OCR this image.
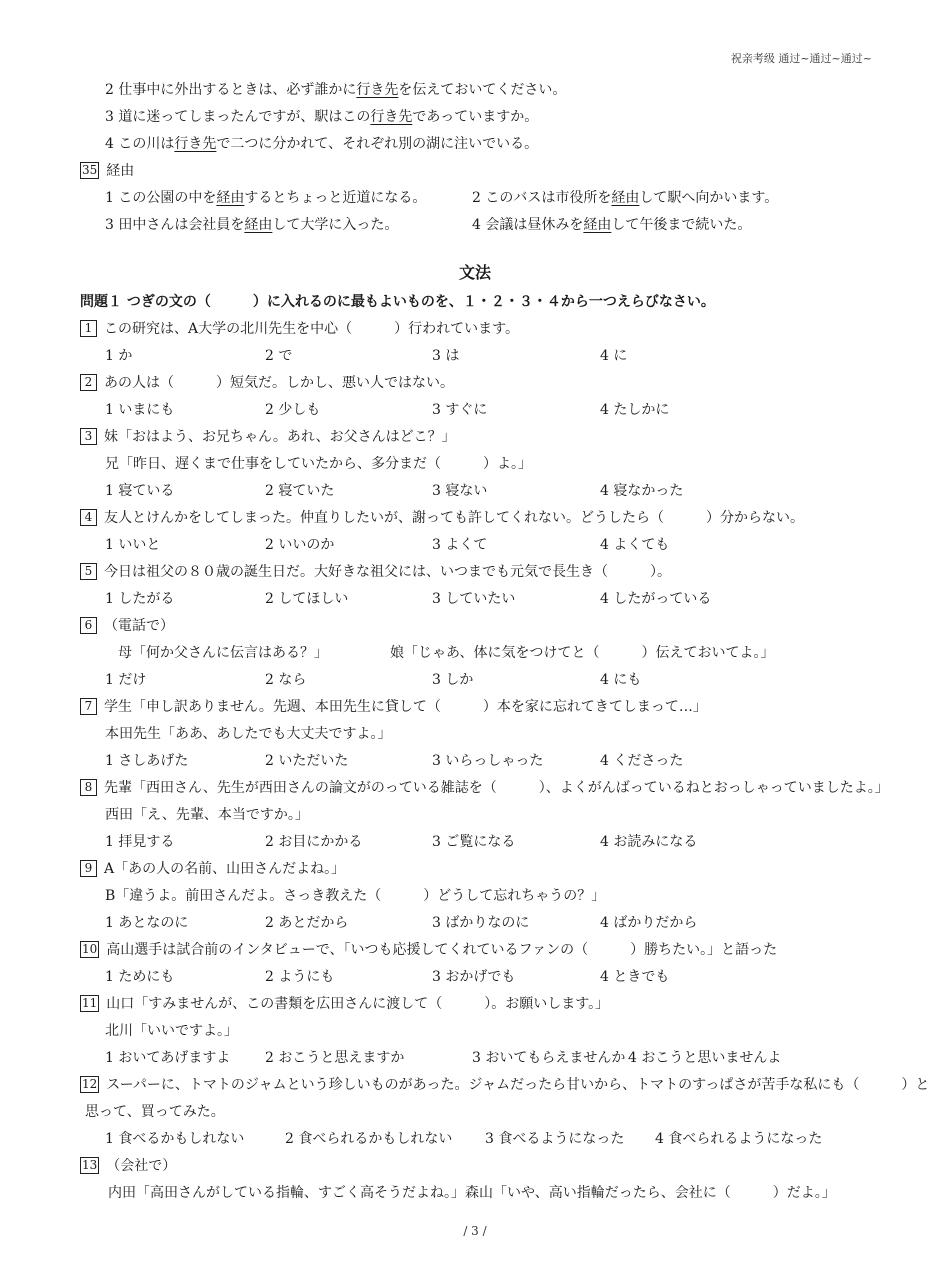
祝亲考级 通过~通过~通过~
2 仕事中に外出するときは、必ず誰かに行き先を伝えておいてください。
3 道に迷ってしまったんですが、駅はこの行き先であっていますか。
4 この川は行き先で二つに分かれて、それぞれ別の湖に注いでいる。
35 経由
1 この公園の中を経由するとちょっと近道になる。	2 このバスは市役所を経由して駅へ向かいます。
3 田中さんは会社員を経由して大学に入った。	4 会議は昼休みを経由して午後まで続いた。
文法
問題１ つぎの文の（　　　）に入れるのに最もよいものを、１・２・３・４から一つえらびなさい。
1 この研究は、A大学の北川先生を中心（　　　）行われています。
1 か	2 で	3 は	4 に
2 あの人は（　　　）短気だ。しかし、悪い人ではない。
1 いまにも	2 少しも	3 すぐに	4 たしかに
3 妹「おはよう、お兄ちゃん。あれ、お父さんはどこ？」
兄「昨日、遅くまで仕事をしていたから、多分まだ（　　　）よ。」
1 寝ている	2 寝ていた	3 寝ない	4 寝なかった
4 友人とけんかをしてしまった。仲直りしたいが、謝っても許してくれない。どうしたら（　　　）分からない。
1 いいと	2 いいのか	3 よくて	4 よくても
5 今日は祖父の８０歳の誕生日だ。大好きな祖父には、いつまでも元気で長生き（　　　）。
1 したがる	2 してほしい	3 していたい	4 したがっている
6 （電話で）
母「何か父さんに伝言はある？」	娘「じゃあ、体に気をつけてと（　　　）伝えておいてよ。」
1 だけ	2 なら	3 しか	4 にも
7 学生「申し訳ありません。先週、本田先生に貸して（　　　）本を家に忘れてきてしまって…」
本田先生「ああ、あしたでも大丈夫ですよ。」
1 さしあげた	2 いただいた	3 いらっしゃった	4 くださった
8 先輩「西田さん、先生が西田さんの論文がのっている雑誌を（　　　）、よくがんばっているねとおっしゃっていましたよ。」
西田「え、先輩、本当ですか。」
1 拝見する	2 お目にかかる	3 ご覧になる	4 お読みになる
9 A「あの人の名前、山田さんだよね。」
B「違うよ。前田さんだよ。さっき教えた（　　　）どうして忘れちゃうの？」
1 あとなのに	2 あとだから	3 ばかりなのに	4 ばかりだから
10 高山選手は試合前のインタビューで、「いつも応援してくれているファンの（　　　）勝ちたい。」と語った
1 ためにも	2 ようにも	3 おかげでも	4 ときでも
11 山口「すみませんが、この書類を広田さんに渡して（　　　）。お願いします。」
北川「いいですよ。」
1 おいてあげますよ 2 おこうと思えますか	3 おいてもらえませんか 4 おこうと思いませんよ
12 スーパーに、トマトのジャムという珍しいものがあった。ジャムだったら甘いから、トマトのすっぱさが苦手な私にも（　　　）と
思って、買ってみた。
1 食べるかもしれない	2 食べられるかもしれない 3 食べるようになった 4 食べられるようになった
13 （会社で）
内田「高田さんがしている指輪、すごく高そうだよね。」森山「いや、高い指輪だったら、会社に（　　　）だよ。」
/ 3 /
